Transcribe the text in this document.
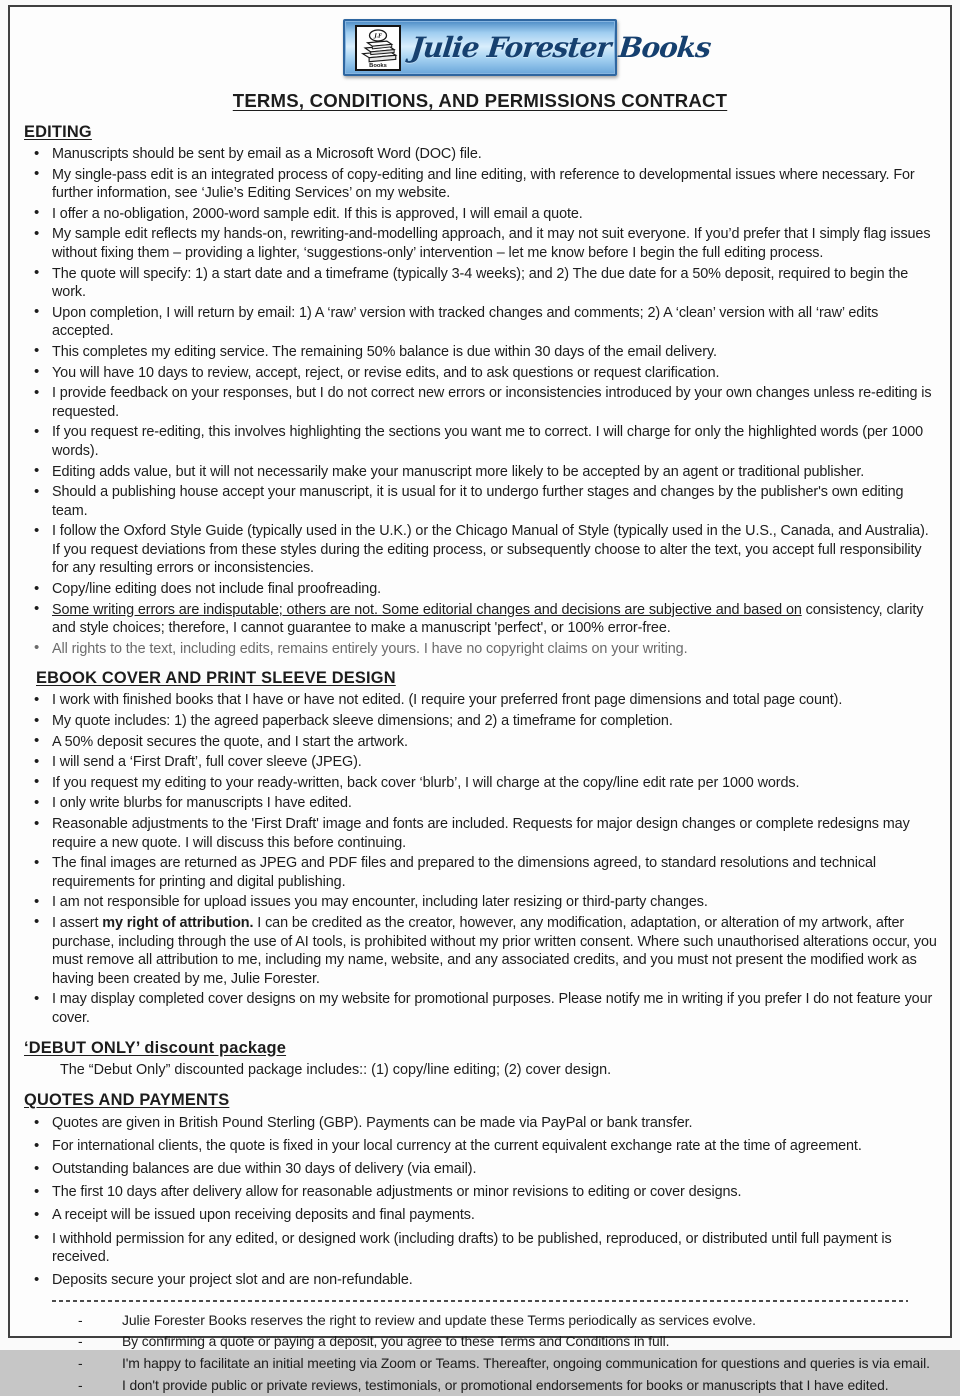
J.F
Books
Julie Forester Books
TERMS, CONDITIONS, AND PERMISSIONS CONTRACT
EDITING
• Manuscripts should be sent by email as a Microsoft Word (DOC) file.
• My single-pass edit is an integrated process of copy-editing and line editing, with reference to developmental issues where necessary. For further information, see ‘Julie’s Editing Services’ on my website.
• I offer a no-obligation, 2000-word sample edit. If this is approved, I will email a quote.
• My sample edit reflects my hands-on, rewriting-and-modelling approach, and it may not suit everyone. If you’d prefer that I simply flag issues without fixing them – providing a lighter, ‘suggestions-only’ intervention – let me know before I begin the full editing process.
• The quote will specify: 1) a start date and a timeframe (typically 3-4 weeks); and 2) The due date for a 50% deposit, required to begin the work.
• Upon completion, I will return by email: 1) A ‘raw’ version with tracked changes and comments; 2) A ‘clean’ version with all ‘raw’ edits accepted.
• This completes my editing service. The remaining 50% balance is due within 30 days of the email delivery.
• You will have 10 days to review, accept, reject, or revise edits, and to ask questions or request clarification.
• I provide feedback on your responses, but I do not correct new errors or inconsistencies introduced by your own changes unless re-editing is requested.
• If you request re-editing, this involves highlighting the sections you want me to correct. I will charge for only the highlighted words (per 1000 words).
• Editing adds value, but it will not necessarily make your manuscript more likely to be accepted by an agent or traditional publisher.
• Should a publishing house accept your manuscript, it is usual for it to undergo further stages and changes by the publisher's own editing team.
• I follow the Oxford Style Guide (typically used in the U.K.) or the Chicago Manual of Style (typically used in the U.S., Canada, and Australia). If you request deviations from these styles during the editing process, or subsequently choose to alter the text, you accept full responsibility for any resulting errors or inconsistencies.
• Copy/line editing does not include final proofreading.
• Some writing errors are indisputable; others are not. Some editorial changes and decisions are subjective and based on consistency, clarity and style choices; therefore, I cannot guarantee to make a manuscript 'perfect', or 100% error-free.
• All rights to the text, including edits, remains entirely yours. I have no copyright claims on your writing.
EBOOK COVER AND PRINT SLEEVE DESIGN
• I work with finished books that I have or have not edited. (I require your preferred front page dimensions and total page count).
• My quote includes: 1) the agreed paperback sleeve dimensions; and 2) a timeframe for completion.
• A 50% deposit secures the quote, and I start the artwork.
• I will send a ‘First Draft’, full cover sleeve (JPEG).
• If you request my editing to your ready-written, back cover ‘blurb’, I will charge at the copy/line edit rate per 1000 words.
• I only write blurbs for manuscripts I have edited.
• Reasonable adjustments to the 'First Draft' image and fonts are included. Requests for major design changes or complete redesigns may require a new quote. I will discuss this before continuing.
• The final images are returned as JPEG and PDF files and prepared to the dimensions agreed, to standard resolutions and technical requirements for printing and digital publishing.
• I am not responsible for upload issues you may encounter, including later resizing or third-party changes.
• I assert my right of attribution. I can be credited as the creator, however, any modification, adaptation, or alteration of my artwork, after purchase, including through the use of AI tools, is prohibited without my prior written consent. Where such unauthorised alterations occur, you must remove all attribution to me, including my name, website, and any associated credits, and you must not present the modified work as having been created by me, Julie Forester.
• I may display completed cover designs on my website for promotional purposes. Please notify me in writing if you prefer I do not feature your cover.
‘DEBUT ONLY’ discount package

The “Debut Only” discounted package includes:: (1) copy/line editing; (2) cover design.

QUOTES AND PAYMENTS
• Quotes are given in British Pound Sterling (GBP). Payments can be made via PayPal or bank transfer.
• For international clients, the quote is fixed in your local currency at the current equivalent exchange rate at the time of agreement.
• Outstanding balances are due within 30 days of delivery (via email).
• The first 10 days after delivery allow for reasonable adjustments or minor revisions to editing or cover designs.
• A receipt will be issued upon receiving deposits and final payments.
• I withhold permission for any edited, or designed work (including drafts) to be published, reproduced, or distributed until full payment is received.
• Deposits secure your project slot and are non-refundable.
- Julie Forester Books reserves the right to review and update these Terms periodically as services evolve.
- By confirming a quote or paying a deposit, you agree to these Terms and Conditions in full.
- I'm happy to facilitate an initial meeting via Zoom or Teams. Thereafter, ongoing communication for questions and queries is via email.
- I don't provide public or private reviews, testimonials, or promotional endorsements for books or manuscripts that I have edited.
